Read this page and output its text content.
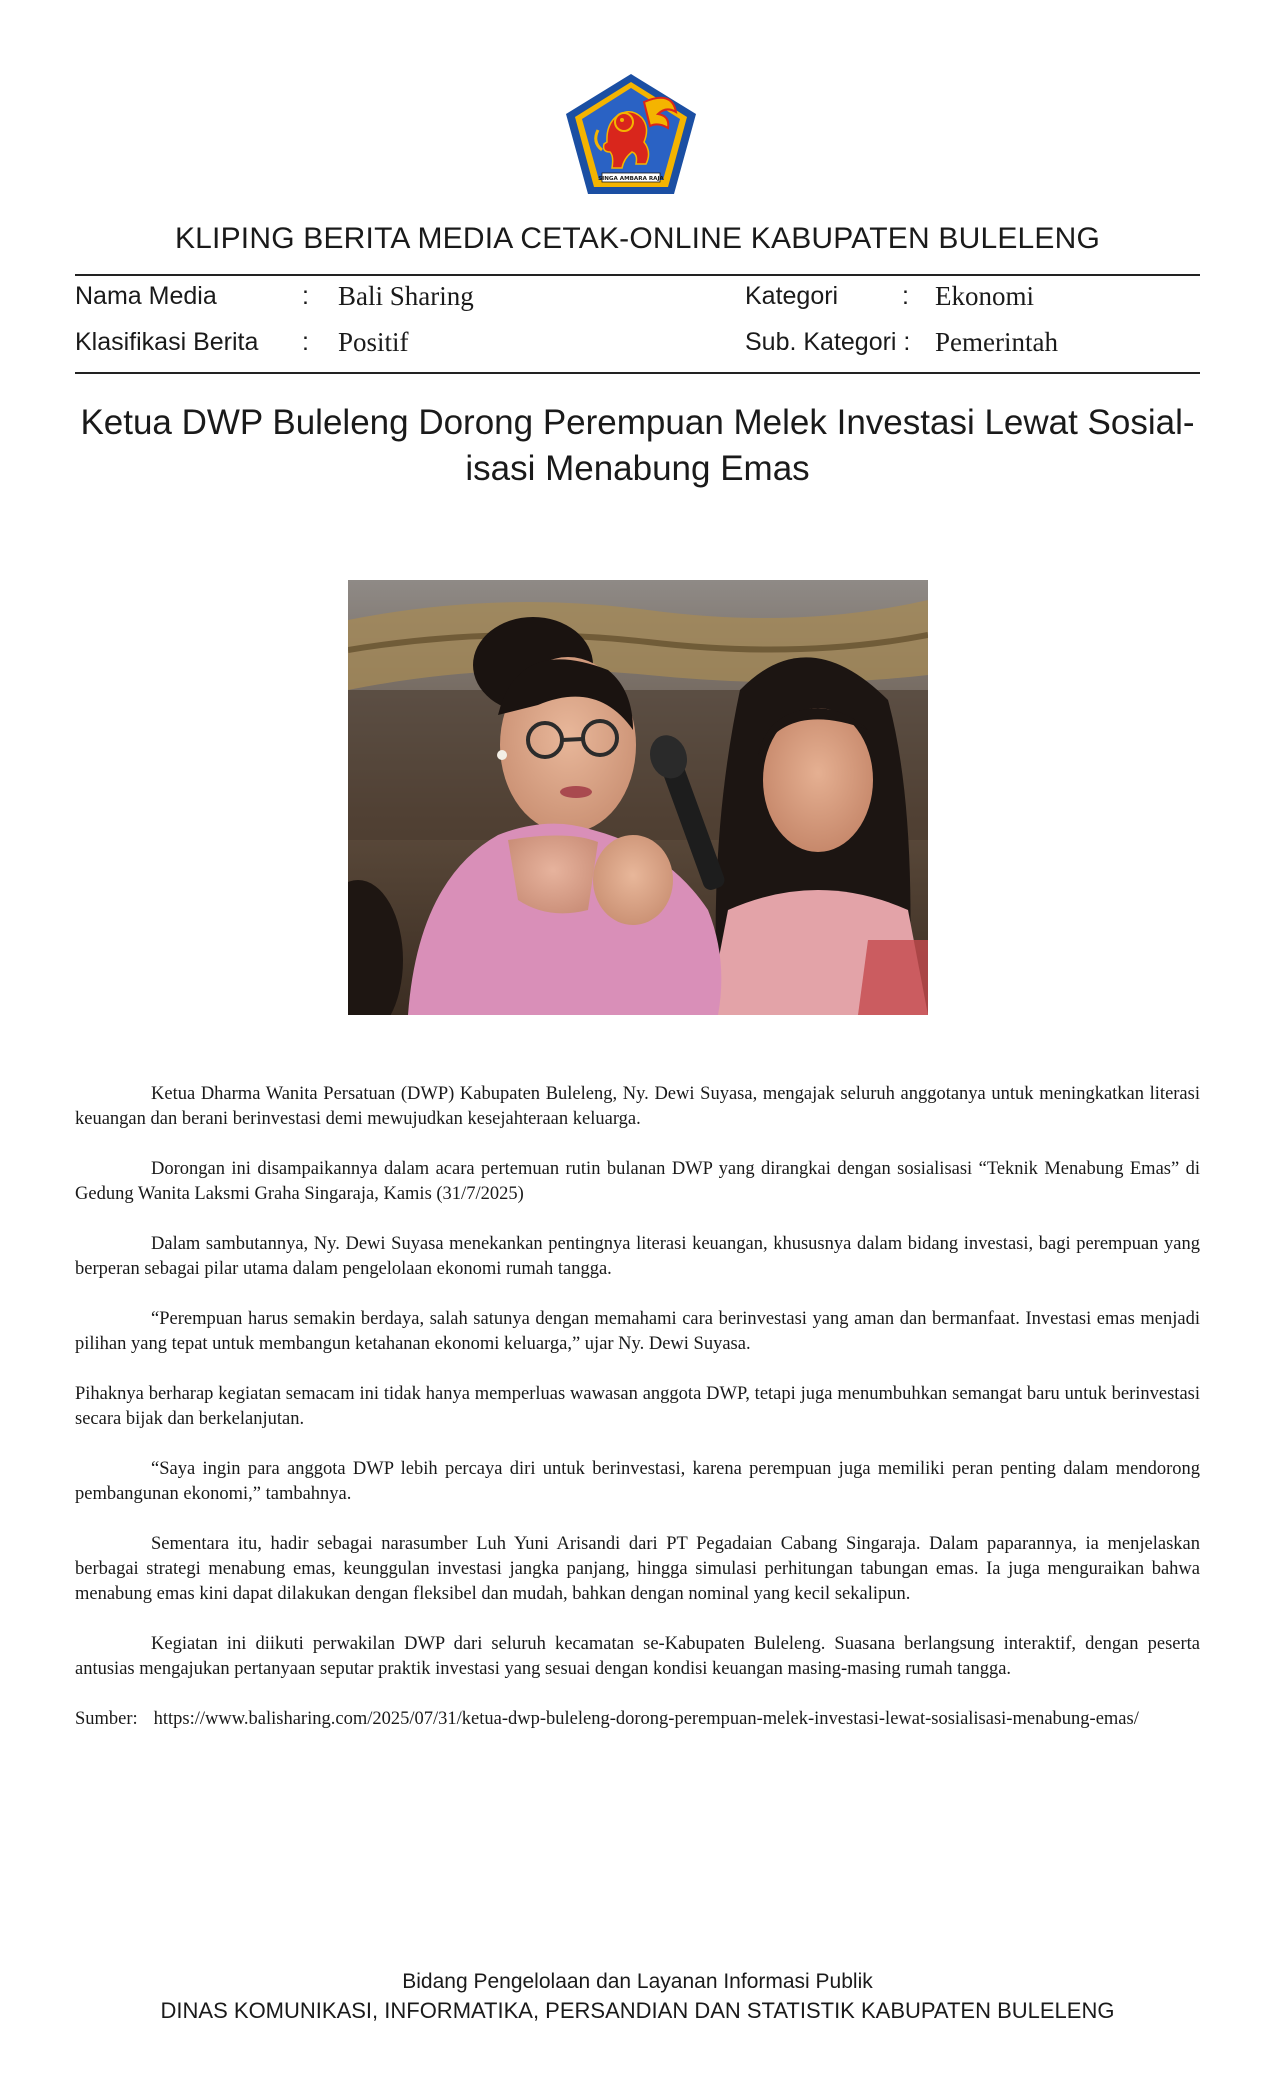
SINGA AMBARA RAJA
KLIPING BERITA MEDIA CETAK-ONLINE KABUPATEN BULELENG
Nama Media	: Bali Sharing	Kategori	: Ekonomi
Klasifikasi Berita : Positif	Sub. Kategori : Pemerintah
Ketua DWP Buleleng Dorong Perempuan Melek Investasi Lewat Sosial-
isasi Menabung Emas

Ketua Dharma Wanita Persatuan (DWP) Kabupaten Buleleng, Ny. Dewi Suyasa, mengajak seluruh anggotanya untuk meningkatkan literasi keuangan dan berani berinvestasi demi mewujudkan kesejahteraan keluarga.

Dorongan ini disampaikannya dalam acara pertemuan rutin bulanan DWP yang dirangkai dengan sosialisasi “Teknik Menabung Emas” di Gedung Wanita Laksmi Graha Singaraja, Kamis (31/7/2025)

Dalam sambutannya, Ny. Dewi Suyasa menekankan pentingnya literasi keuangan, khususnya dalam bidang investasi, bagi perempuan yang berperan sebagai pilar utama dalam pengelolaan ekonomi rumah tangga.

“Perempuan harus semakin berdaya, salah satunya dengan memahami cara berinvestasi yang aman dan bermanfaat. Investasi emas menjadi pilihan yang tepat untuk membangun ketahanan ekonomi keluarga,” ujar Ny. Dewi Suyasa.

Pihaknya berharap kegiatan semacam ini tidak hanya memperluas wawasan anggota DWP, tetapi juga menumbuhkan semangat baru untuk berinvestasi secara bijak dan berkelanjutan.

“Saya ingin para anggota DWP lebih percaya diri untuk berinvestasi, karena perempuan juga memiliki peran penting dalam mendorong pembangunan ekonomi,” tambahnya.

Sementara itu, hadir sebagai narasumber Luh Yuni Arisandi dari PT Pegadaian Cabang Singaraja. Dalam paparannya, ia menjelaskan berbagai strategi menabung emas, keunggulan investasi jangka panjang, hingga simulasi perhitungan tabungan emas. Ia juga menguraikan bahwa menabung emas kini dapat dilakukan dengan fleksibel dan mudah, bahkan dengan nominal yang kecil sekalipun.

Kegiatan ini diikuti perwakilan DWP dari seluruh kecamatan se-Kabupaten Buleleng. Suasana berlangsung interaktif, dengan peserta antusias mengajukan pertanyaan seputar praktik investasi yang sesuai dengan kondisi keuangan masing-masing rumah tangga.

Sumber: https://www.balisharing.com/2025/07/31/ketua-dwp-buleleng-dorong-perempuan-melek-investasi-lewat-sosialisasi-menabung-emas/

Bidang Pengelolaan dan Layanan Informasi Publik
DINAS KOMUNIKASI, INFORMATIKA, PERSANDIAN DAN STATISTIK KABUPATEN BULELENG
